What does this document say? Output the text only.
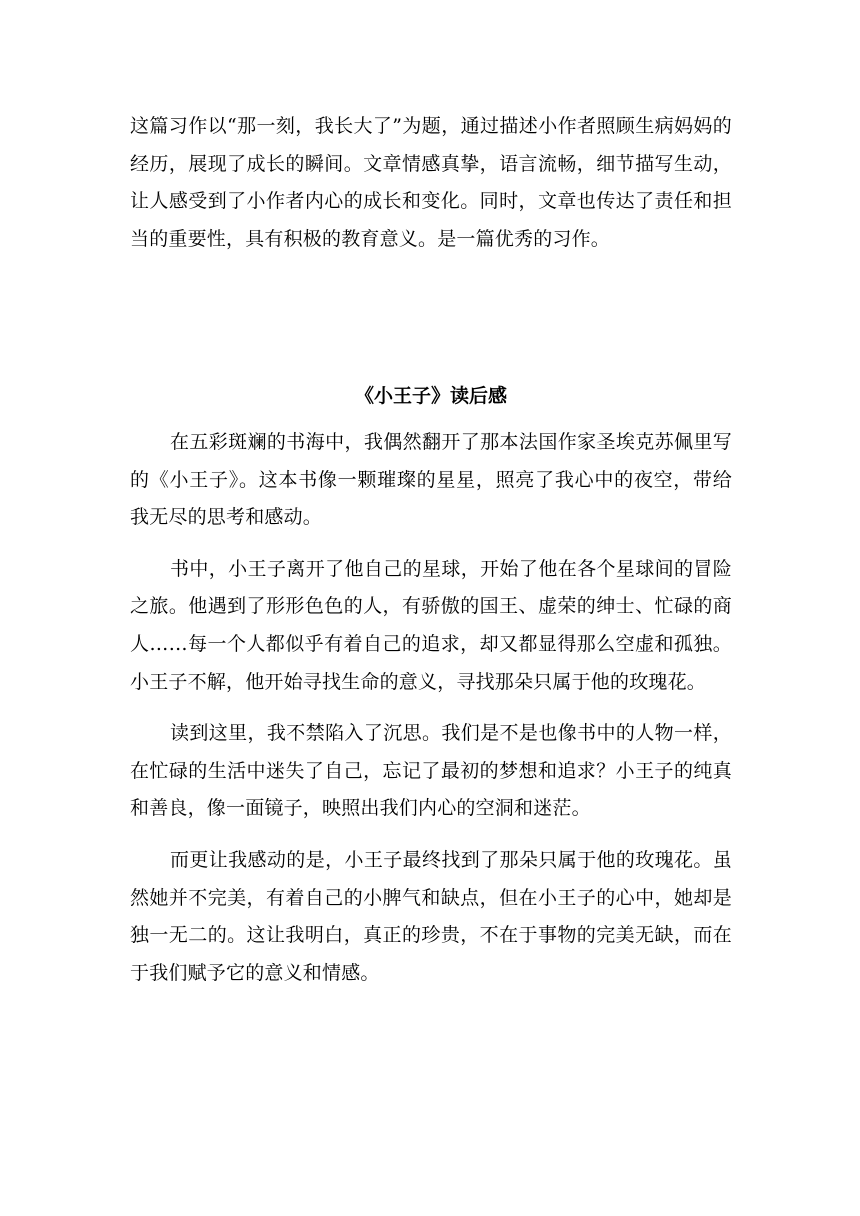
这篇习作以“那一刻，我长大了”为题，通过描述小作者照顾生病妈妈的经历，展现了成长的瞬间。文章情感真挚，语言流畅，细节描写生动，让人感受到了小作者内心的成长和变化。同时，文章也传达了责任和担当的重要性，具有积极的教育意义。是一篇优秀的习作。

《小王子》读后感

在五彩斑斓的书海中，我偶然翻开了那本法国作家圣埃克苏佩里写的《小王子》。这本书像一颗璀璨的星星，照亮了我心中的夜空，带给我无尽的思考和感动。

书中，小王子离开了他自己的星球，开始了他在各个星球间的冒险之旅。他遇到了形形色色的人，有骄傲的国王、虚荣的绅士、忙碌的商人……每一个人都似乎有着自己的追求，却又都显得那么空虚和孤独。小王子不解，他开始寻找生命的意义，寻找那朵只属于他的玫瑰花。

读到这里，我不禁陷入了沉思。我们是不是也像书中的人物一样，在忙碌的生活中迷失了自己，忘记了最初的梦想和追求？小王子的纯真和善良，像一面镜子，映照出我们内心的空洞和迷茫。

而更让我感动的是，小王子最终找到了那朵只属于他的玫瑰花。虽然她并不完美，有着自己的小脾气和缺点，但在小王子的心中，她却是独一无二的。这让我明白，真正的珍贵，不在于事物的完美无缺，而在于我们赋予它的意义和情感。
